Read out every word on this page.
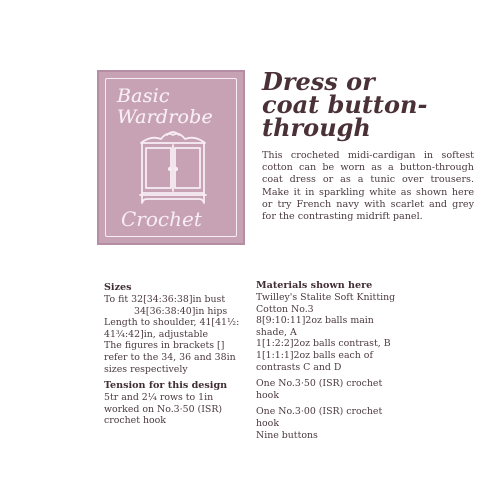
Basic
Wardrobe
Crochet
Dress or
coat button-
through
This crocheted midi-cardigan in softest cotton can be worn as a button-through coat dress or as a tunic over trousers. Make it in sparkling white as shown here or try French navy with scarlet and grey for the contrasting midrift panel.

Sizes

To fit 32[34:36:38]in bust

34[36:38:40]in hips

Length to shoulder, 41[41½:

41¾:42]in, adjustable

The figures in brackets []

refer to the 34, 36 and 38in

sizes respectively

Tension for this design

5tr and 2¼ rows to 1in

worked on No.3·50 (ISR)

crochet hook

Materials shown here

Twilley's Stalite Soft Knitting

Cotton No.3

8[9:10:11]2oz balls main

shade, A

1[1:2:2]2oz balls contrast, B

1[1:1:1]2oz balls each of

contrasts C and D

One No.3·50 (ISR) crochet

hook

One No.3·00 (ISR) crochet

hook

Nine buttons
